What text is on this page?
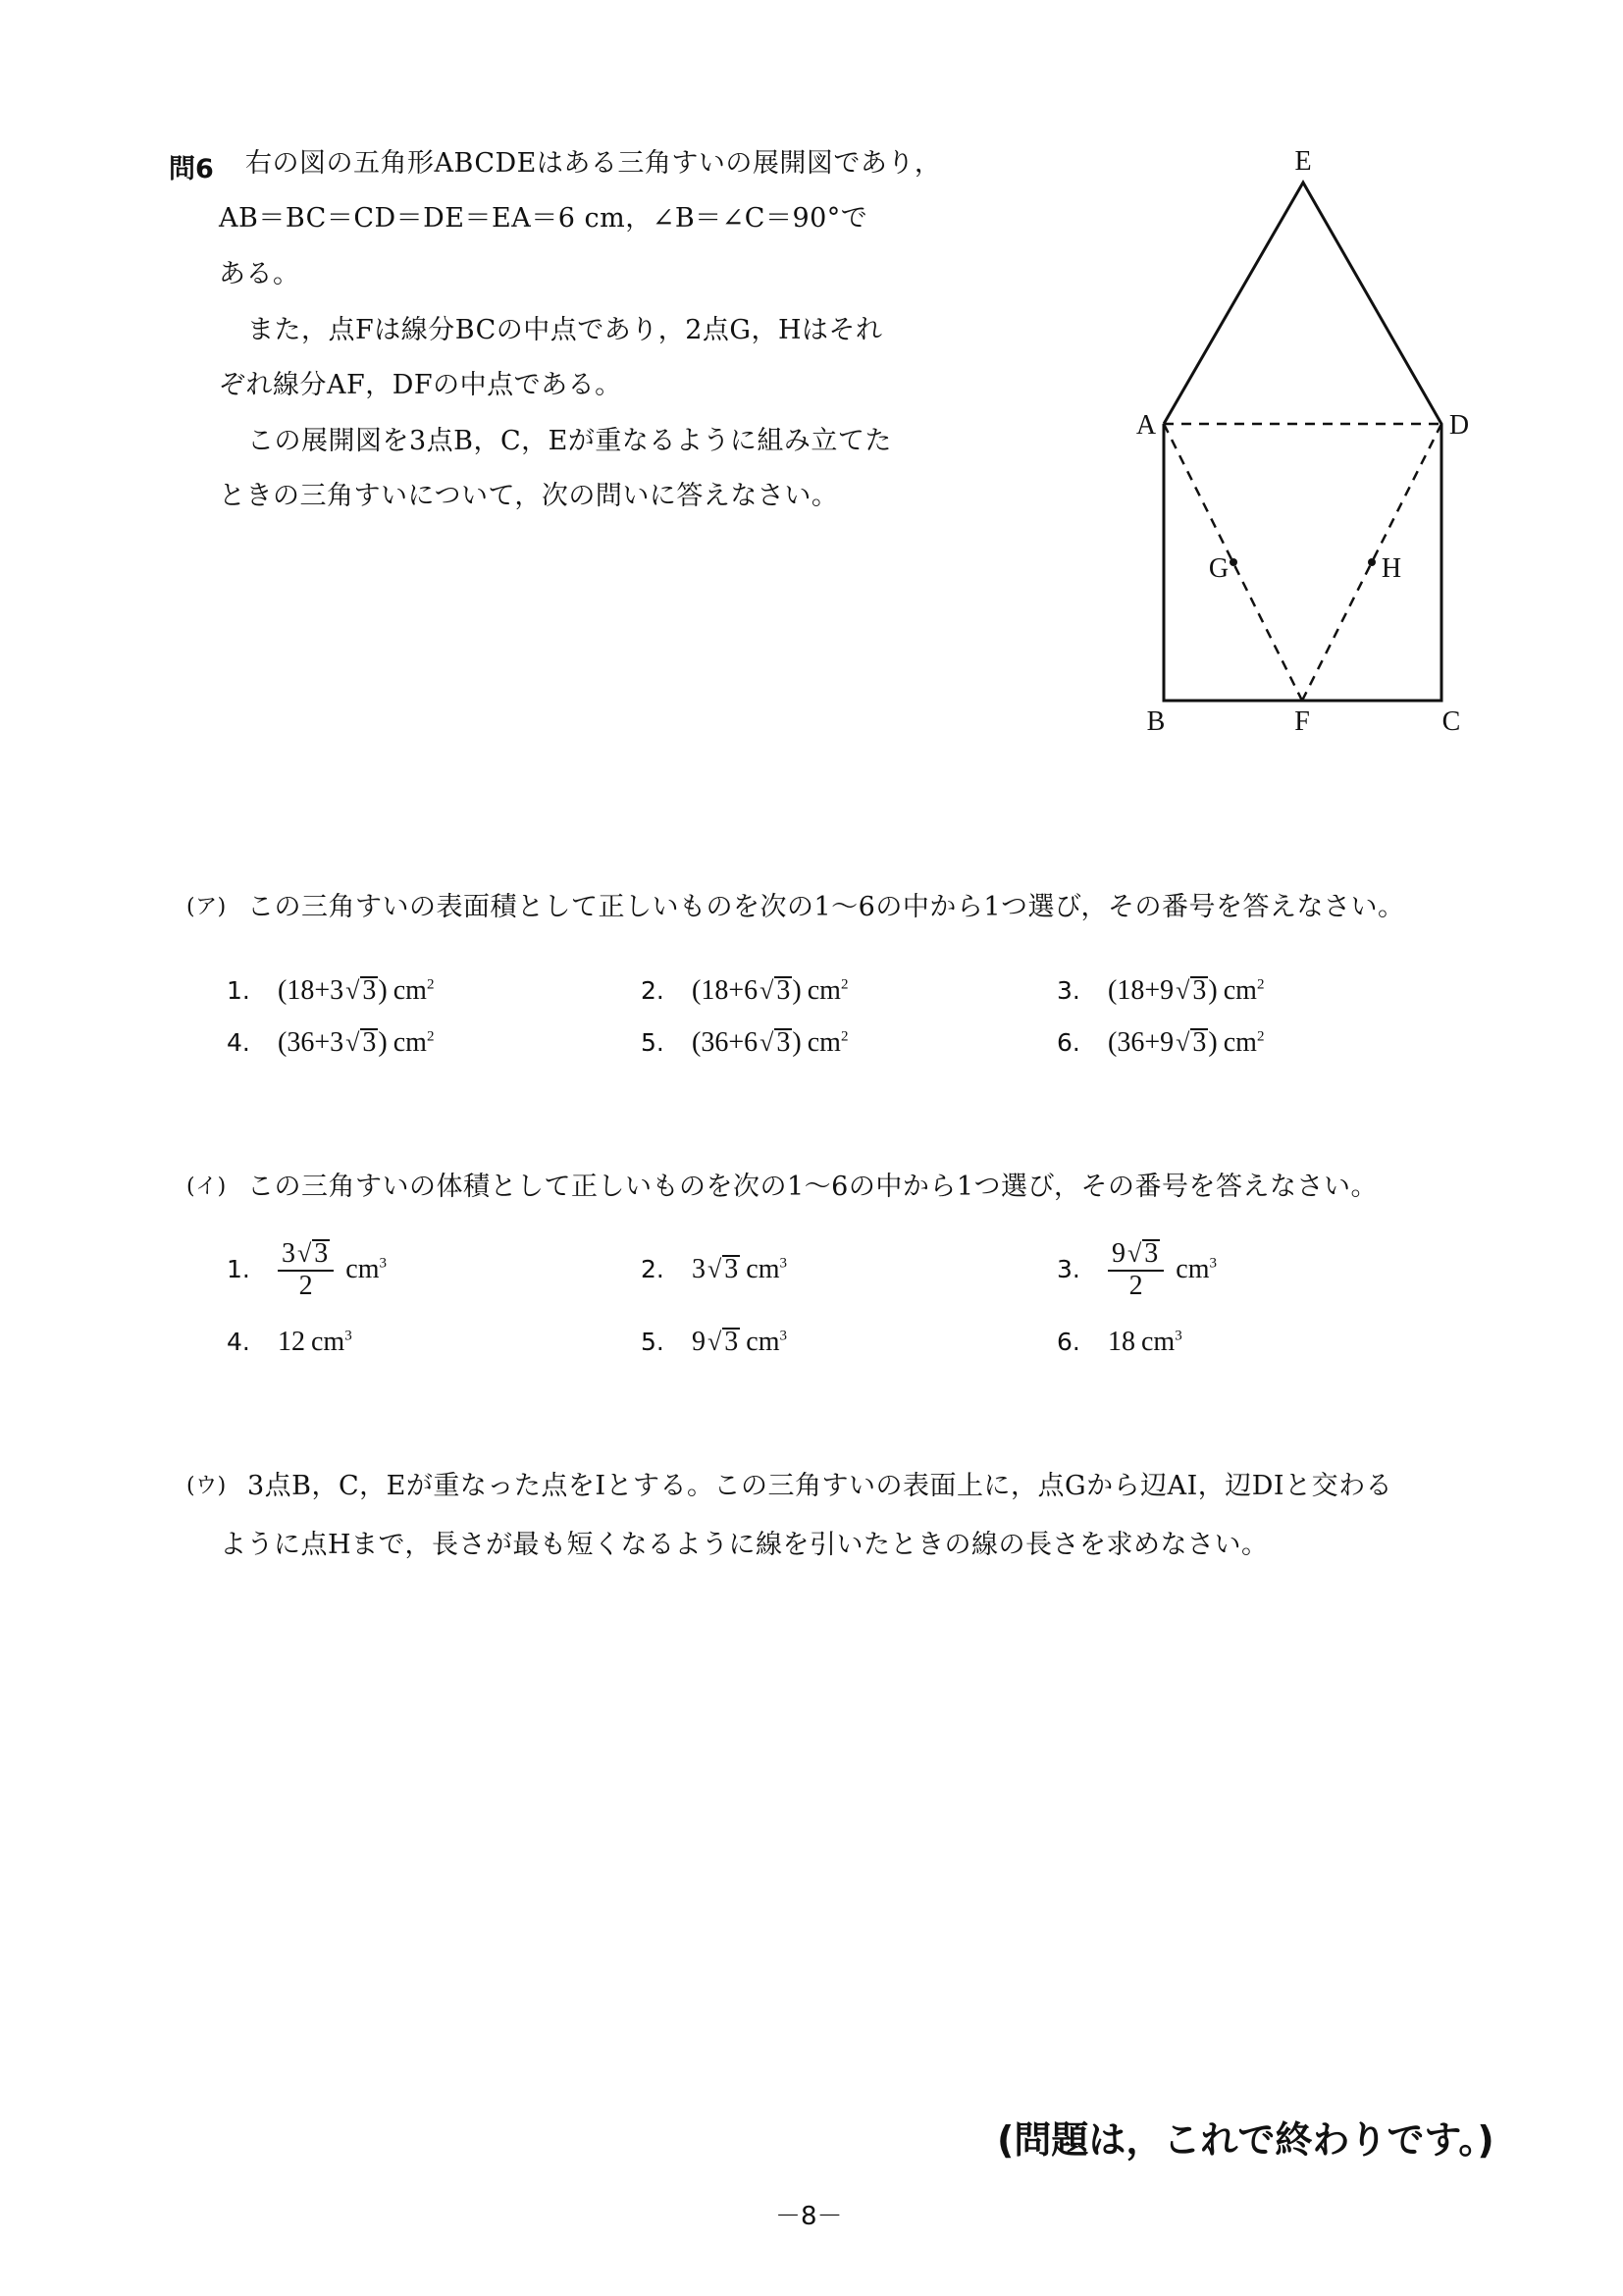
問6 右の図の五角形ABCDEはある三角すいの展開図であり，
AB＝BC＝CD＝DE＝EA＝6 cm，∠B＝∠C＝90°で
ある。
また，点Fは線分BCの中点であり，2点G，Hはそれ
ぞれ線分AF，DFの中点である。
この展開図を3点B，C，Eが重なるように組み立てた
ときの三角すいについて，次の問いに答えなさい。
E
A	D
B	F	C
G	H
(ア) この三角すいの表面積として正しいものを次の1～6の中から1つ選び，その番号を答えなさい。
1.	( 18 + 3 √ 3 ) $cm^2$	2.	( 18 + 6 √ 3 ) $cm^2$	3.	( 18 + 9 √ 3 ) $cm^2$
4.	( 36 + 3 √ 3 ) $cm^2$	5.	( 36 + 6 √ 3 ) $cm^2$	6.	( 36 + 9 √ 3 ) $cm^2$
(イ) この三角すいの体積として正しいものを次の1～6の中から1つ選び，その番号を答えなさい。
1.	$\frac{3√ 3}{2} cm^3$	2.	3 √ 3 $cm^3$	3.	$\frac{9√ 3}{2} cm^3$
4.	12 $cm^3$	5.	9 √ 3 $cm^3$	6.	18 $cm^3$
(ウ) 3点B，C，Eが重なった点をIとする。この三角すいの表面上に，点Gから辺AI，辺DIと交わる
ように点Hまで，長さが最も短くなるように線を引いたときの線の長さを求めなさい。
(問題は，これで終わりです。)
－8－
